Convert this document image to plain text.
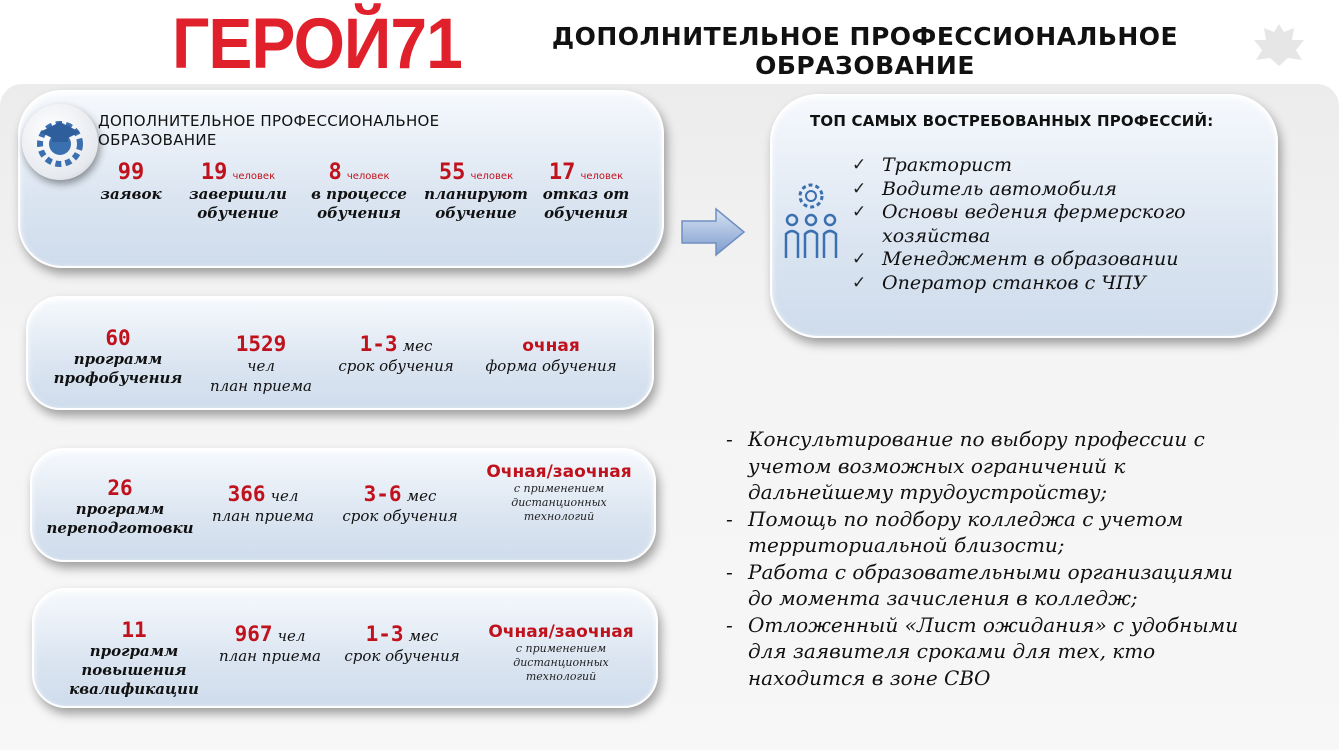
ГЕРОЙ71	ДОПОЛНИТЕЛЬНОЕ ПРОФЕССИОНАЛЬНОЕ
ОБРАЗОВАНИЕ
ДОПОЛНИТЕЛЬНОЕ ПРОФЕССИОНАЛЬНОЕ
ОБРАЗОВАНИЕ
99
заявок
19 человек
завершили
обучение
8 человек
в процессе
обучения
55 человек
планируют
обучение
17 человек
отказ от
обучения
60
программ
профобучения
1529
чел
план приема
1-3 мес
срок обучения
очная
форма обучения
26
программ
переподготовки
366 чел
план приема
3-6 мес
срок обучения
Очная/заочная
с применением
дистанционных
технологий
11
программ
повышения
квалификации
967 чел
план приема
1-3 мес
срок обучения
Очная/заочная
с применением
дистанционных
технологий
ТОП САМЫХ ВОСТРЕБОВАННЫХ ПРОФЕССИЙ:
✓ Тракторист
✓ Водитель автомобиля
✓ Основы ведения фермерского
хозяйства
✓ Менеджмент в образовании
✓ Оператор станков с ЧПУ
- Консультирование по выбору профессии с
учетом возможных ограничений к
дальнейшему трудоустройству;
- Помощь по подбору колледжа с учетом
территориальной близости;
- Работа с образовательными организациями
до момента зачисления в колледж;
- Отложенный «Лист ожидания» с удобными
для заявителя сроками для тех, кто
находится в зоне СВО
